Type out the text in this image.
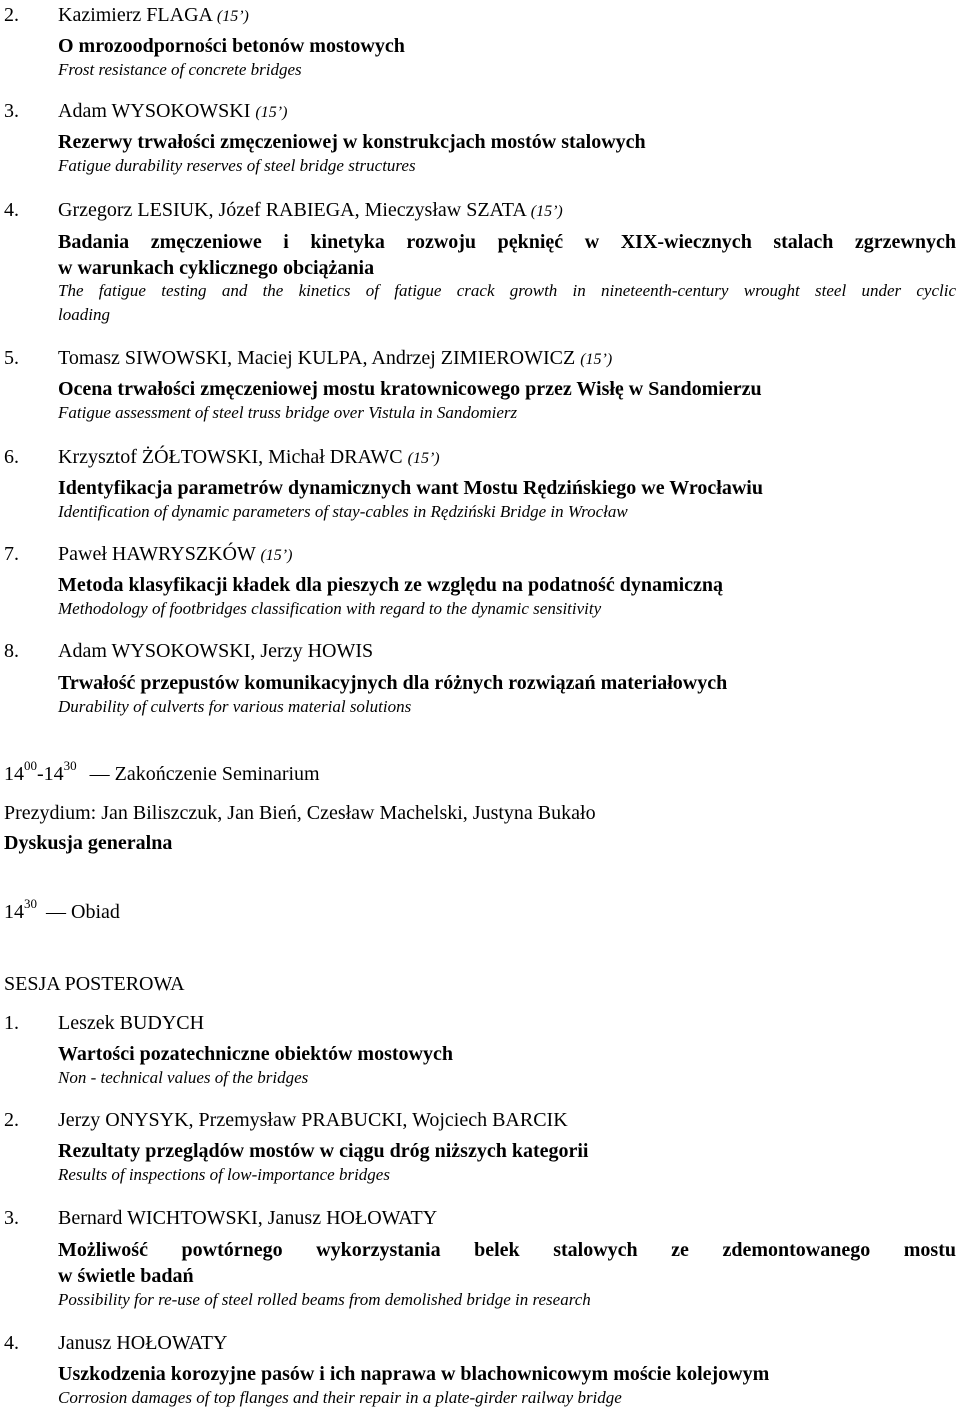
2. Kazimierz FLAGA (15’)
O mrozoodporności betonów mostowych
Frost resistance of concrete bridges
3. Adam WYSOKOWSKI (15’)
Rezerwy trwałości zmęczeniowej w konstrukcjach mostów stalowych
Fatigue durability reserves of steel bridge structures
4. Grzegorz LESIUK, Józef RABIEGA, Mieczysław SZATA (15’)
Badania zmęczeniowe i kinetyka rozwoju pęknięć w XIX-wiecznych stalach zgrzewnych
w warunkach cyklicznego obciążania
The fatigue testing and the kinetics of fatigue crack growth in nineteenth-century wrought steel under cyclic
loading
5. Tomasz SIWOWSKI, Maciej KULPA, Andrzej ZIMIEROWICZ (15’)
Ocena trwałości zmęczeniowej mostu kratownicowego przez Wisłę w Sandomierzu
Fatigue assessment of steel truss bridge over Vistula in Sandomierz
6. Krzysztof ŻÓŁTOWSKI, Michał DRAWC (15’)
Identyfikacja parametrów dynamicznych want Mostu Rędzińskiego we Wrocławiu
Identification of dynamic parameters of stay-cables in Rędziński Bridge in Wrocław
7. Paweł HAWRYSZKÓW (15’)
Metoda klasyfikacji kładek dla pieszych ze względu na podatność dynamiczną
Methodology of footbridges classification with regard to the dynamic sensitivity
8. Adam WYSOKOWSKI, Jerzy HOWIS
Trwałość przepustów komunikacyjnych dla różnych rozwiązań materiałowych
Durability of culverts for various material solutions
$14^{00}-14^{30}$ — Zakończenie Seminarium
Prezydium: Jan Biliszczuk, Jan Bień, Czesław Machelski, Justyna Bukało
Dyskusja generalna
$14^{30}$ — Obiad
SESJA POSTEROWA
1. Leszek BUDYCH
Wartości pozatechniczne obiektów mostowych
Non - technical values of the bridges
2. Jerzy ONYSYK, Przemysław PRABUCKI, Wojciech BARCIK
Rezultaty przeglądów mostów w ciągu dróg niższych kategorii
Results of inspections of low-importance bridges
3. Bernard WICHTOWSKI, Janusz HOŁOWATY
Możliwość powtórnego wykorzystania belek stalowych ze zdemontowanego mostu
w świetle badań
Possibility for re-use of steel rolled beams from demolished bridge in research
4. Janusz HOŁOWATY
Uszkodzenia korozyjne pasów i ich naprawa w blachownicowym moście kolejowym
Corrosion damages of top flanges and their repair in a plate-girder railway bridge
